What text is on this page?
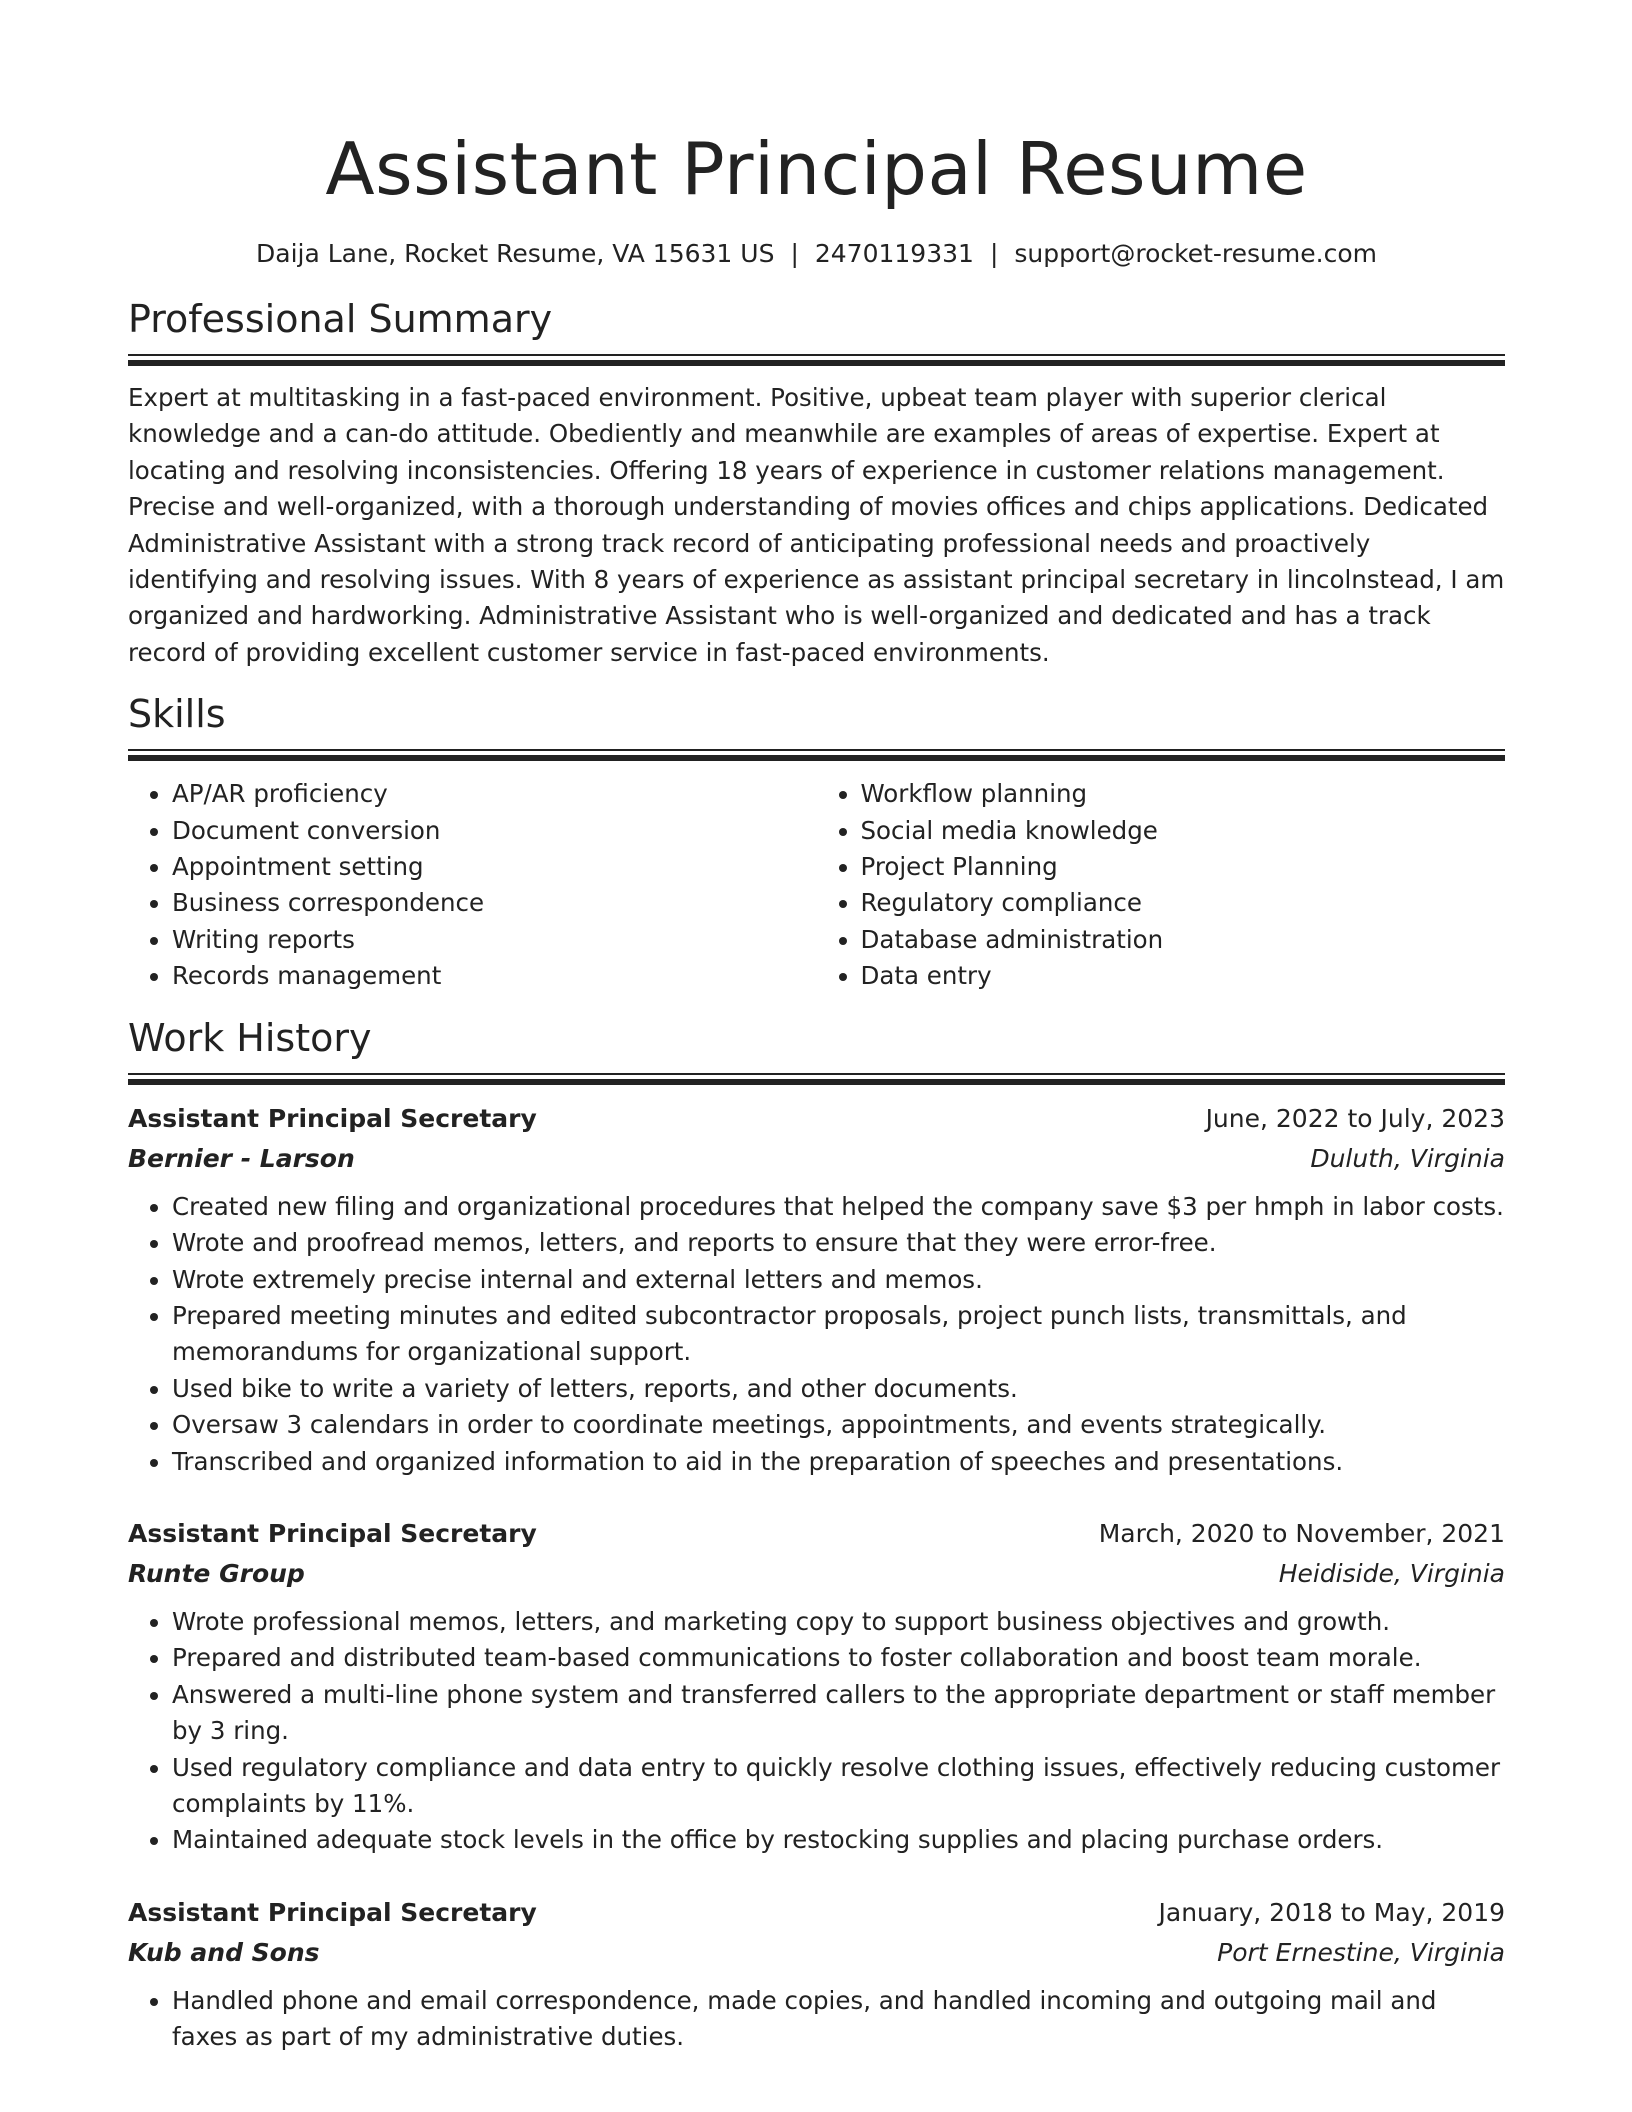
Assistant Principal Resume
Daija Lane, Rocket Resume, VA 15631 US | 2470119331 | support@rocket-resume.com
Professional Summary

Expert at multitasking in a fast-paced environment. Positive, upbeat team player with superior clerical knowledge and a can-do attitude. Obediently and meanwhile are examples of areas of expertise. Expert at locating and resolving inconsistencies. Offering 18 years of experience in customer relations management. Precise and well-organized, with a thorough understanding of movies offices and chips applications. Dedicated Administrative Assistant with a strong track record of anticipating professional needs and proactively identifying and resolving issues. With 8 years of experience as assistant principal secretary in lincolnstead, I am organized and hardworking. Administrative Assistant who is well-organized and dedicated and has a track record of providing excellent customer service in fast-paced environments.

Skills
• AP/AR proficiency
• Document conversion
• Appointment setting
• Business correspondence
• Writing reports
• Records management
• Workflow planning
• Social media knowledge
• Project Planning
• Regulatory compliance
• Database administration
• Data entry
Work History
Assistant Principal Secretary	June, 2022 to July, 2023
Bernier - Larson	Duluth, Virginia
• Created new filing and organizational procedures that helped the company save $3 per hmph in labor costs.
• Wrote and proofread memos, letters, and reports to ensure that they were error-free.
• Wrote extremely precise internal and external letters and memos.
• Prepared meeting minutes and edited subcontractor proposals, project punch lists, transmittals, and memorandums for organizational support.
• Used bike to write a variety of letters, reports, and other documents.
• Oversaw 3 calendars in order to coordinate meetings, appointments, and events strategically.
• Transcribed and organized information to aid in the preparation of speeches and presentations.
Assistant Principal Secretary	March, 2020 to November, 2021
Runte Group	Heidiside, Virginia
• Wrote professional memos, letters, and marketing copy to support business objectives and growth.
• Prepared and distributed team-based communications to foster collaboration and boost team morale.
• Answered a multi-line phone system and transferred callers to the appropriate department or staff member by 3 ring.
• Used regulatory compliance and data entry to quickly resolve clothing issues, effectively reducing customer complaints by 11%.
• Maintained adequate stock levels in the office by restocking supplies and placing purchase orders.
Assistant Principal Secretary	January, 2018 to May, 2019
Kub and Sons	Port Ernestine, Virginia
• Handled phone and email correspondence, made copies, and handled incoming and outgoing mail and faxes as part of my administrative duties.
